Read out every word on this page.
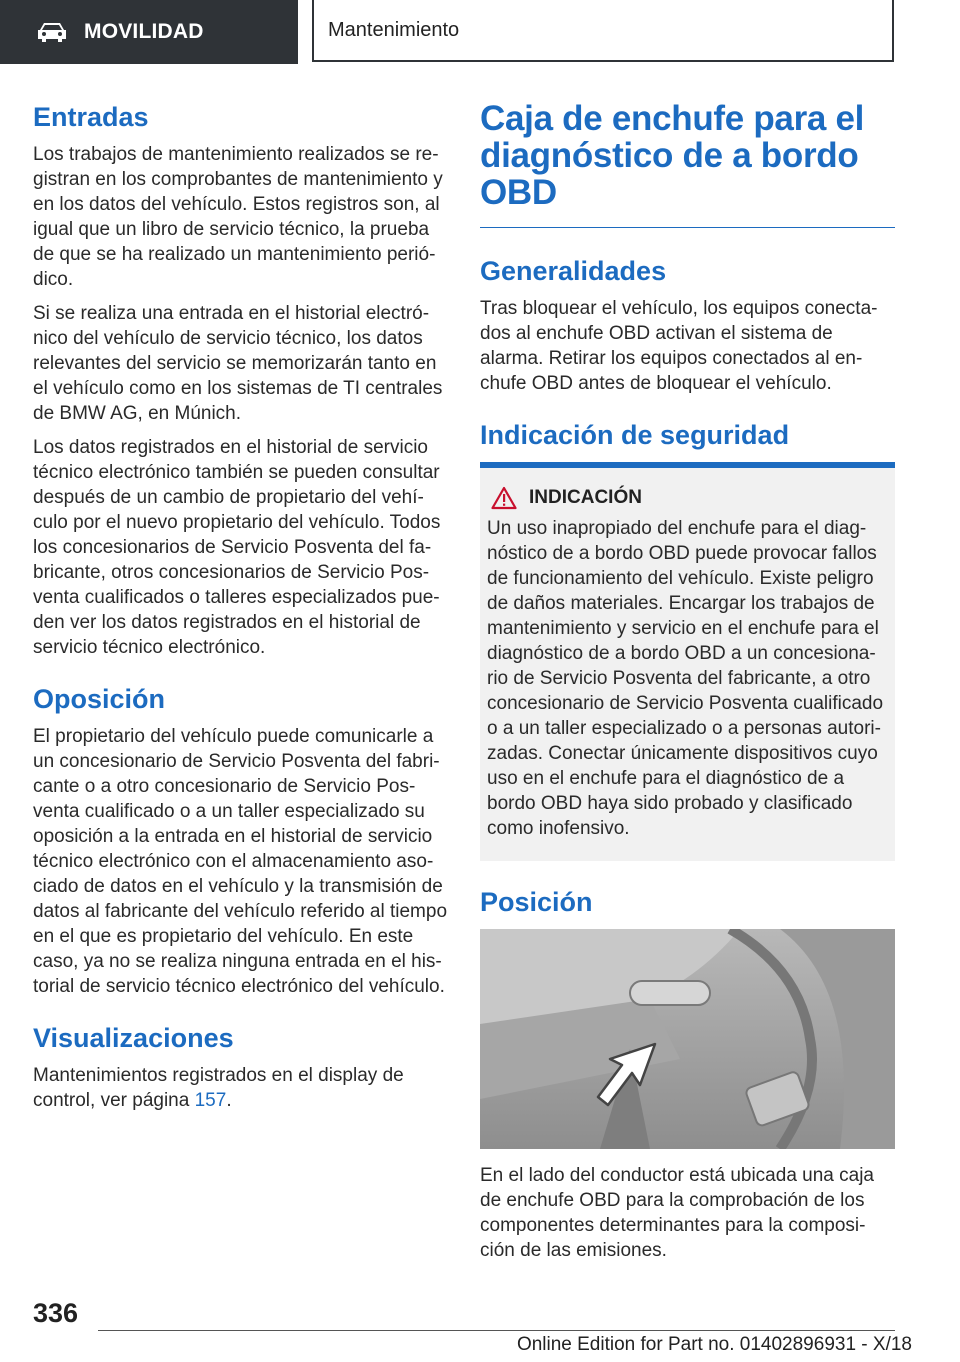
MOVILIDAD	Mantenimiento
Entradas

Los trabajos de mantenimiento realizados se re-gistran en los comprobantes de mantenimiento y en los datos del vehículo. Estos registros son, al igual que un libro de servicio técnico, la prueba de que se ha realizado un mantenimiento perió-dico.

Si se realiza una entrada en el historial electró-nico del vehículo de servicio técnico, los datos relevantes del servicio se memorizarán tanto en el vehículo como en los sistemas de TI centrales de BMW AG, en Múnich.

Los datos registrados en el historial de servicio técnico electrónico también se pueden consultar después de un cambio de propietario del vehí-culo por el nuevo propietario del vehículo. Todos los concesionarios de Servicio Posventa del fa-bricante, otros concesionarios de Servicio Pos-venta cualificados o talleres especializados pue-den ver los datos registrados en el historial de servicio técnico electrónico.

Oposición

El propietario del vehículo puede comunicarle a un concesionario de Servicio Posventa del fabri-cante o a otro concesionario de Servicio Pos-venta cualificado o a un taller especializado su oposición a la entrada en el historial de servicio técnico electrónico con el almacenamiento aso-ciado de datos en el vehículo y la transmisión de datos al fabricante del vehículo referido al tiempo en el que es propietario del vehículo. En este caso, ya no se realiza ninguna entrada en el his-torial de servicio técnico electrónico del vehículo.

Visualizaciones

Mantenimientos registrados en el display de control, ver página 157.

Caja de enchufe para el diagnóstico de a bordo OBD
Generalidades

Tras bloquear el vehículo, los equipos conecta-dos al enchufe OBD activan el sistema de alarma. Retirar los equipos conectados al en-chufe OBD antes de bloquear el vehículo.

Indicación de seguridad
INDICACIÓN

Un uso inapropiado del enchufe para el diag-nóstico de a bordo OBD puede provocar fallos de funcionamiento del vehículo. Existe peligro de daños materiales. Encargar los trabajos de mantenimiento y servicio en el enchufe para el diagnóstico de a bordo OBD a un concesiona-rio de Servicio Posventa del fabricante, a otro concesionario de Servicio Posventa cualificado o a un taller especializado o a personas autori-zadas. Conectar únicamente dispositivos cuyo uso en el enchufe para el diagnóstico de a bordo OBD haya sido probado y clasificado como inofensivo.

Posición

En el lado del conductor está ubicada una caja de enchufe OBD para la comprobación de los componentes determinantes para la composi-ción de las emisiones.

336
Online Edition for Part no. 01402896931 - X/18
